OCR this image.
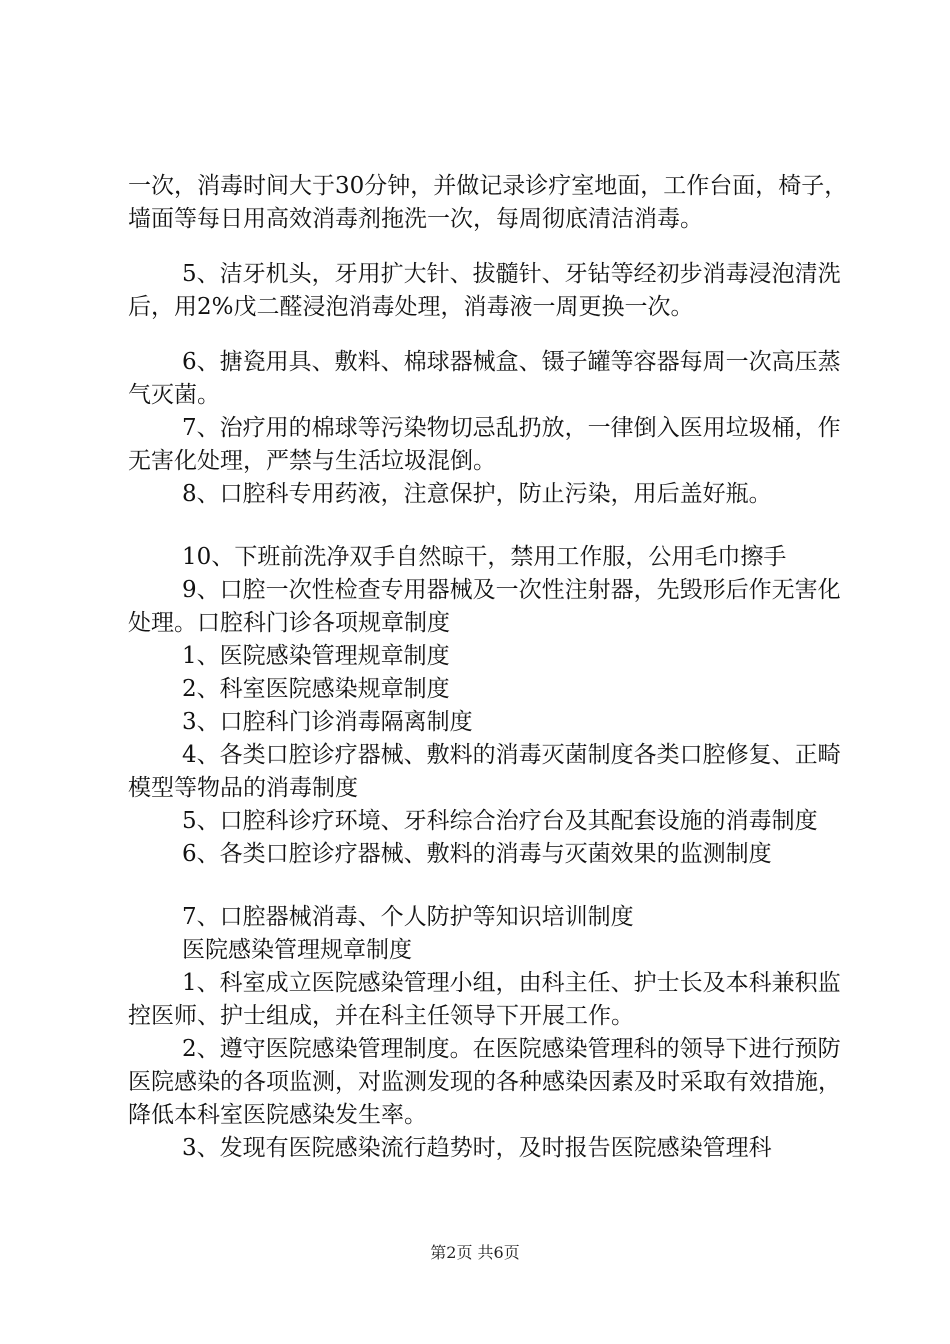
一次，消毒时间大于30分钟，并做记录诊疗室地面，工作台面，椅子，墙面等每日用高效消毒剂拖洗一次，每周彻底清洁消毒。

5、洁牙机头，牙用扩大针、拔髓针、牙钻等经初步消毒浸泡清洗后，用2%戊二醛浸泡消毒处理，消毒液一周更换一次。

6、搪瓷用具、敷料、棉球器械盒、镊子罐等容器每周一次高压蒸气灭菌。

7、治疗用的棉球等污染物切忌乱扔放，一律倒入医用垃圾桶，作无害化处理，严禁与生活垃圾混倒。

8、口腔科专用药液，注意保护，防止污染，用后盖好瓶。

10、下班前洗净双手自然晾干，禁用工作服，公用毛巾擦手

9、口腔一次性检查专用器械及一次性注射器，先毁形后作无害化处理。口腔科门诊各项规章制度

1、医院感染管理规章制度

2、科室医院感染规章制度

3、口腔科门诊消毒隔离制度

4、各类口腔诊疗器械、敷料的消毒灭菌制度各类口腔修复、正畸模型等物品的消毒制度

5、口腔科诊疗环境、牙科综合治疗台及其配套设施的消毒制度

6、各类口腔诊疗器械、敷料的消毒与灭菌效果的监测制度

7、口腔器械消毒、个人防护等知识培训制度

医院感染管理规章制度

1、科室成立医院感染管理小组，由科主任、护士长及本科兼积监控医师、护士组成，并在科主任领导下开展工作。

2、遵守医院感染管理制度。在医院感染管理科的领导下进行预防医院感染的各项监测，对监测发现的各种感染因素及时采取有效措施，降低本科室医院感染发生率。

3、发现有医院感染流行趋势时，及时报告医院感染管理科

第2页 共6页
